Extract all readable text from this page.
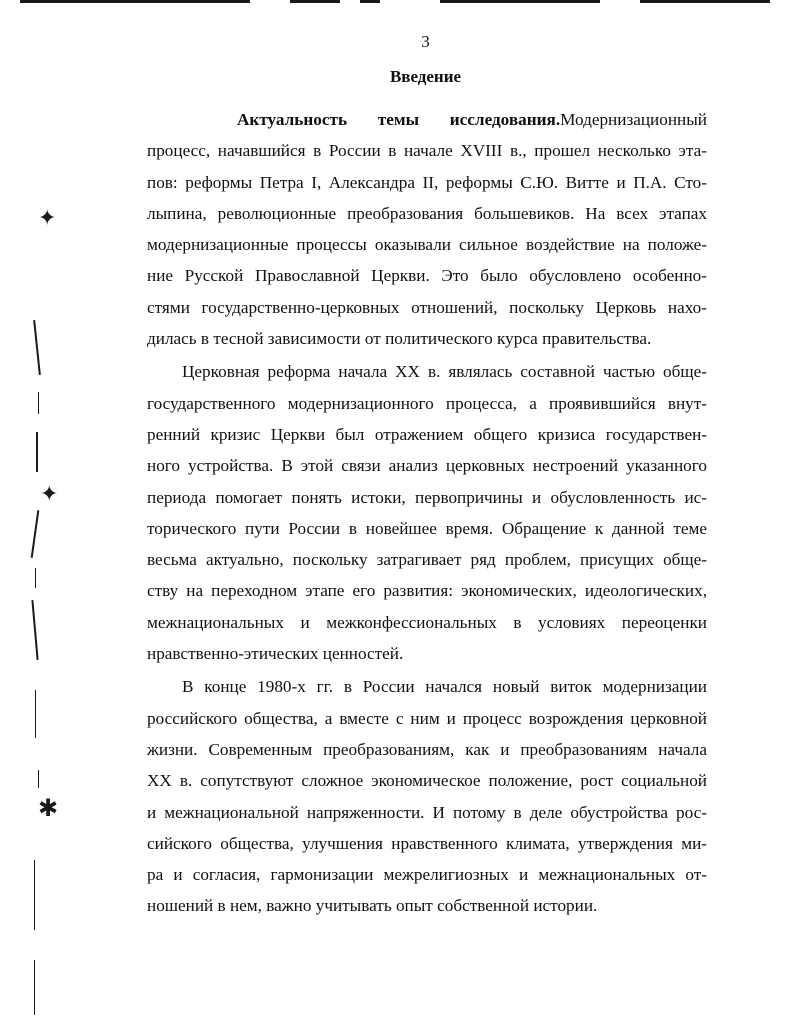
✦
✦
✱
3
Введение
Актуальность темы исследования. Модернизационный
процесс, начавшийся в России в начале XVIII в., прошел несколько эта-
пов: реформы Петра I, Александра II, реформы С.Ю. Витте и П.А. Сто-
лыпина, революционные преобразования большевиков. На всех этапах
модернизационные процессы оказывали сильное воздействие на положе-
ние Русской Православной Церкви. Это было обусловлено особенно-
стями государственно-церковных отношений, поскольку Церковь нахо-
дилась в тесной зависимости от политического курса правительства.
Церковная реформа начала XX в. являлась составной частью обще-
государственного модернизационного процесса, а проявившийся внут-
ренний кризис Церкви был отражением общего кризиса государствен-
ного устройства. В этой связи анализ церковных нестроений указанного
периода помогает понять истоки, первопричины и обусловленность ис-
торического пути России в новейшее время. Обращение к данной теме
весьма актуально, поскольку затрагивает ряд проблем, присущих обще-
ству на переходном этапе его развития: экономических, идеологических,
межнациональных и межконфессиональных в условиях переоценки
нравственно-этических ценностей.
В конце 1980-х гг. в России начался новый виток модернизации
российского общества, а вместе с ним и процесс возрождения церковной
жизни. Современным преобразованиям, как и преобразованиям начала
XX в. сопутствуют сложное экономическое положение, рост социальной
и межнациональной напряженности. И потому в деле обустройства рос-
сийского общества, улучшения нравственного климата, утверждения ми-
ра и согласия, гармонизации межрелигиозных и межнациональных от-
ношений в нем, важно учитывать опыт собственной истории.
